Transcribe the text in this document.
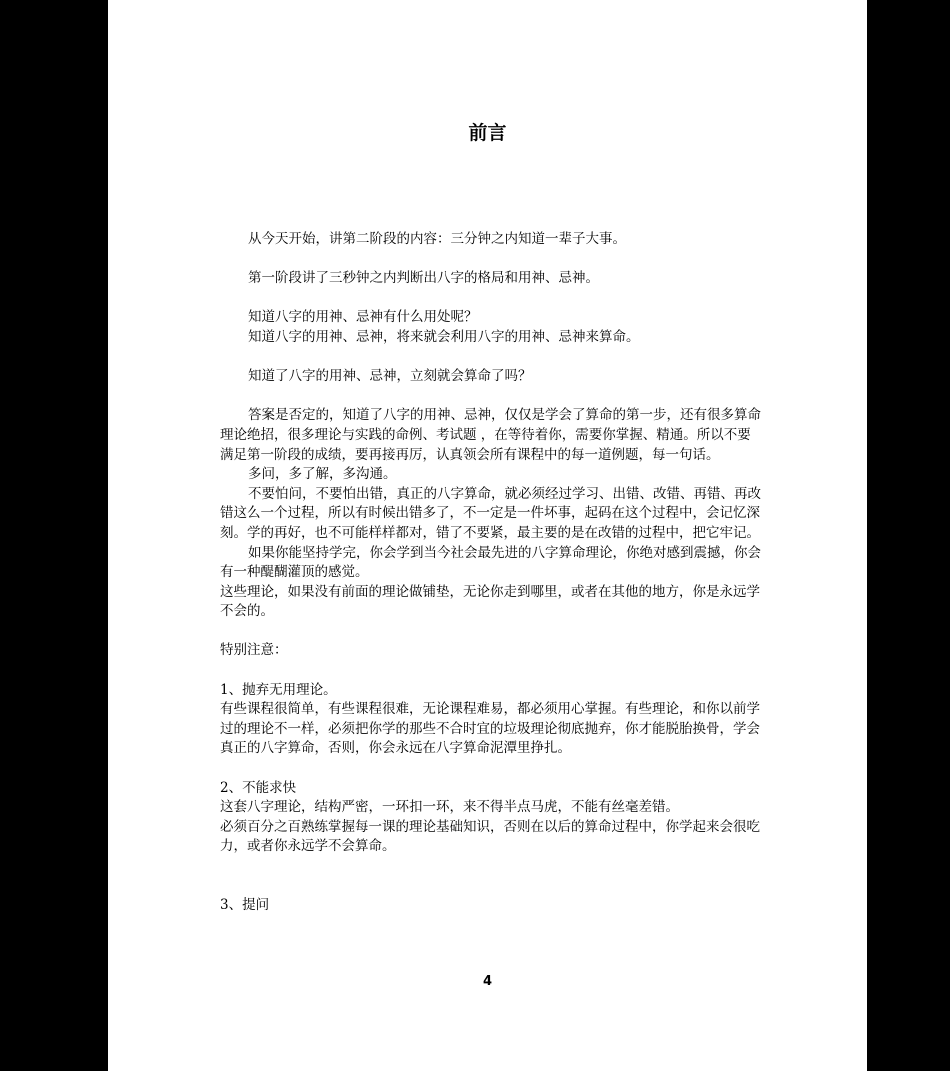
前言

从今天开始，讲第二阶段的内容：三分钟之内知道一辈子大事。

第一阶段讲了三秒钟之内判断出八字的格局和用神、忌神。

知道八字的用神、忌神有什么用处呢？

知道八字的用神、忌神，将来就会利用八字的用神、忌神来算命。

知道了八字的用神、忌神，立刻就会算命了吗？

答案是否定的，知道了八字的用神、忌神，仅仅是学会了算命的第一步，还有很多算命理论绝招，很多理论与实践的命例、考试题 ，在等待着你，需要你掌握、精通。所以不要满足第一阶段的成绩，要再接再厉，认真领会所有课程中的每一道例题，每一句话。

多问，多了解，多沟通。

不要怕问，不要怕出错，真正的八字算命，就必须经过学习、出错、改错、再错、再改错这么一个过程，所以有时候出错多了，不一定是一件坏事，起码在这个过程中，会记忆深刻。学的再好，也不可能样样都对，错了不要紧，最主要的是在改错的过程中，把它牢记。

如果你能坚持学完，你会学到当今社会最先进的八字算命理论，你绝对感到震撼，你会有一种醍醐灌顶的感觉。

这些理论，如果没有前面的理论做铺垫，无论你走到哪里，或者在其他的地方，你是永远学不会的。

特别注意：

1、抛弃无用理论。

有些课程很简单，有些课程很难，无论课程难易，都必须用心掌握。有些理论，和你以前学过的理论不一样，必须把你学的那些不合时宜的垃圾理论彻底抛弃，你才能脱胎换骨，学会真正的八字算命，否则，你会永远在八字算命泥潭里挣扎。

2、不能求快

这套八字理论，结构严密，一环扣一环，来不得半点马虎，不能有丝毫差错。

必须百分之百熟练掌握每一课的理论基础知识，否则在以后的算命过程中，你学起来会很吃力，或者你永远学不会算命。

3、提问

4
